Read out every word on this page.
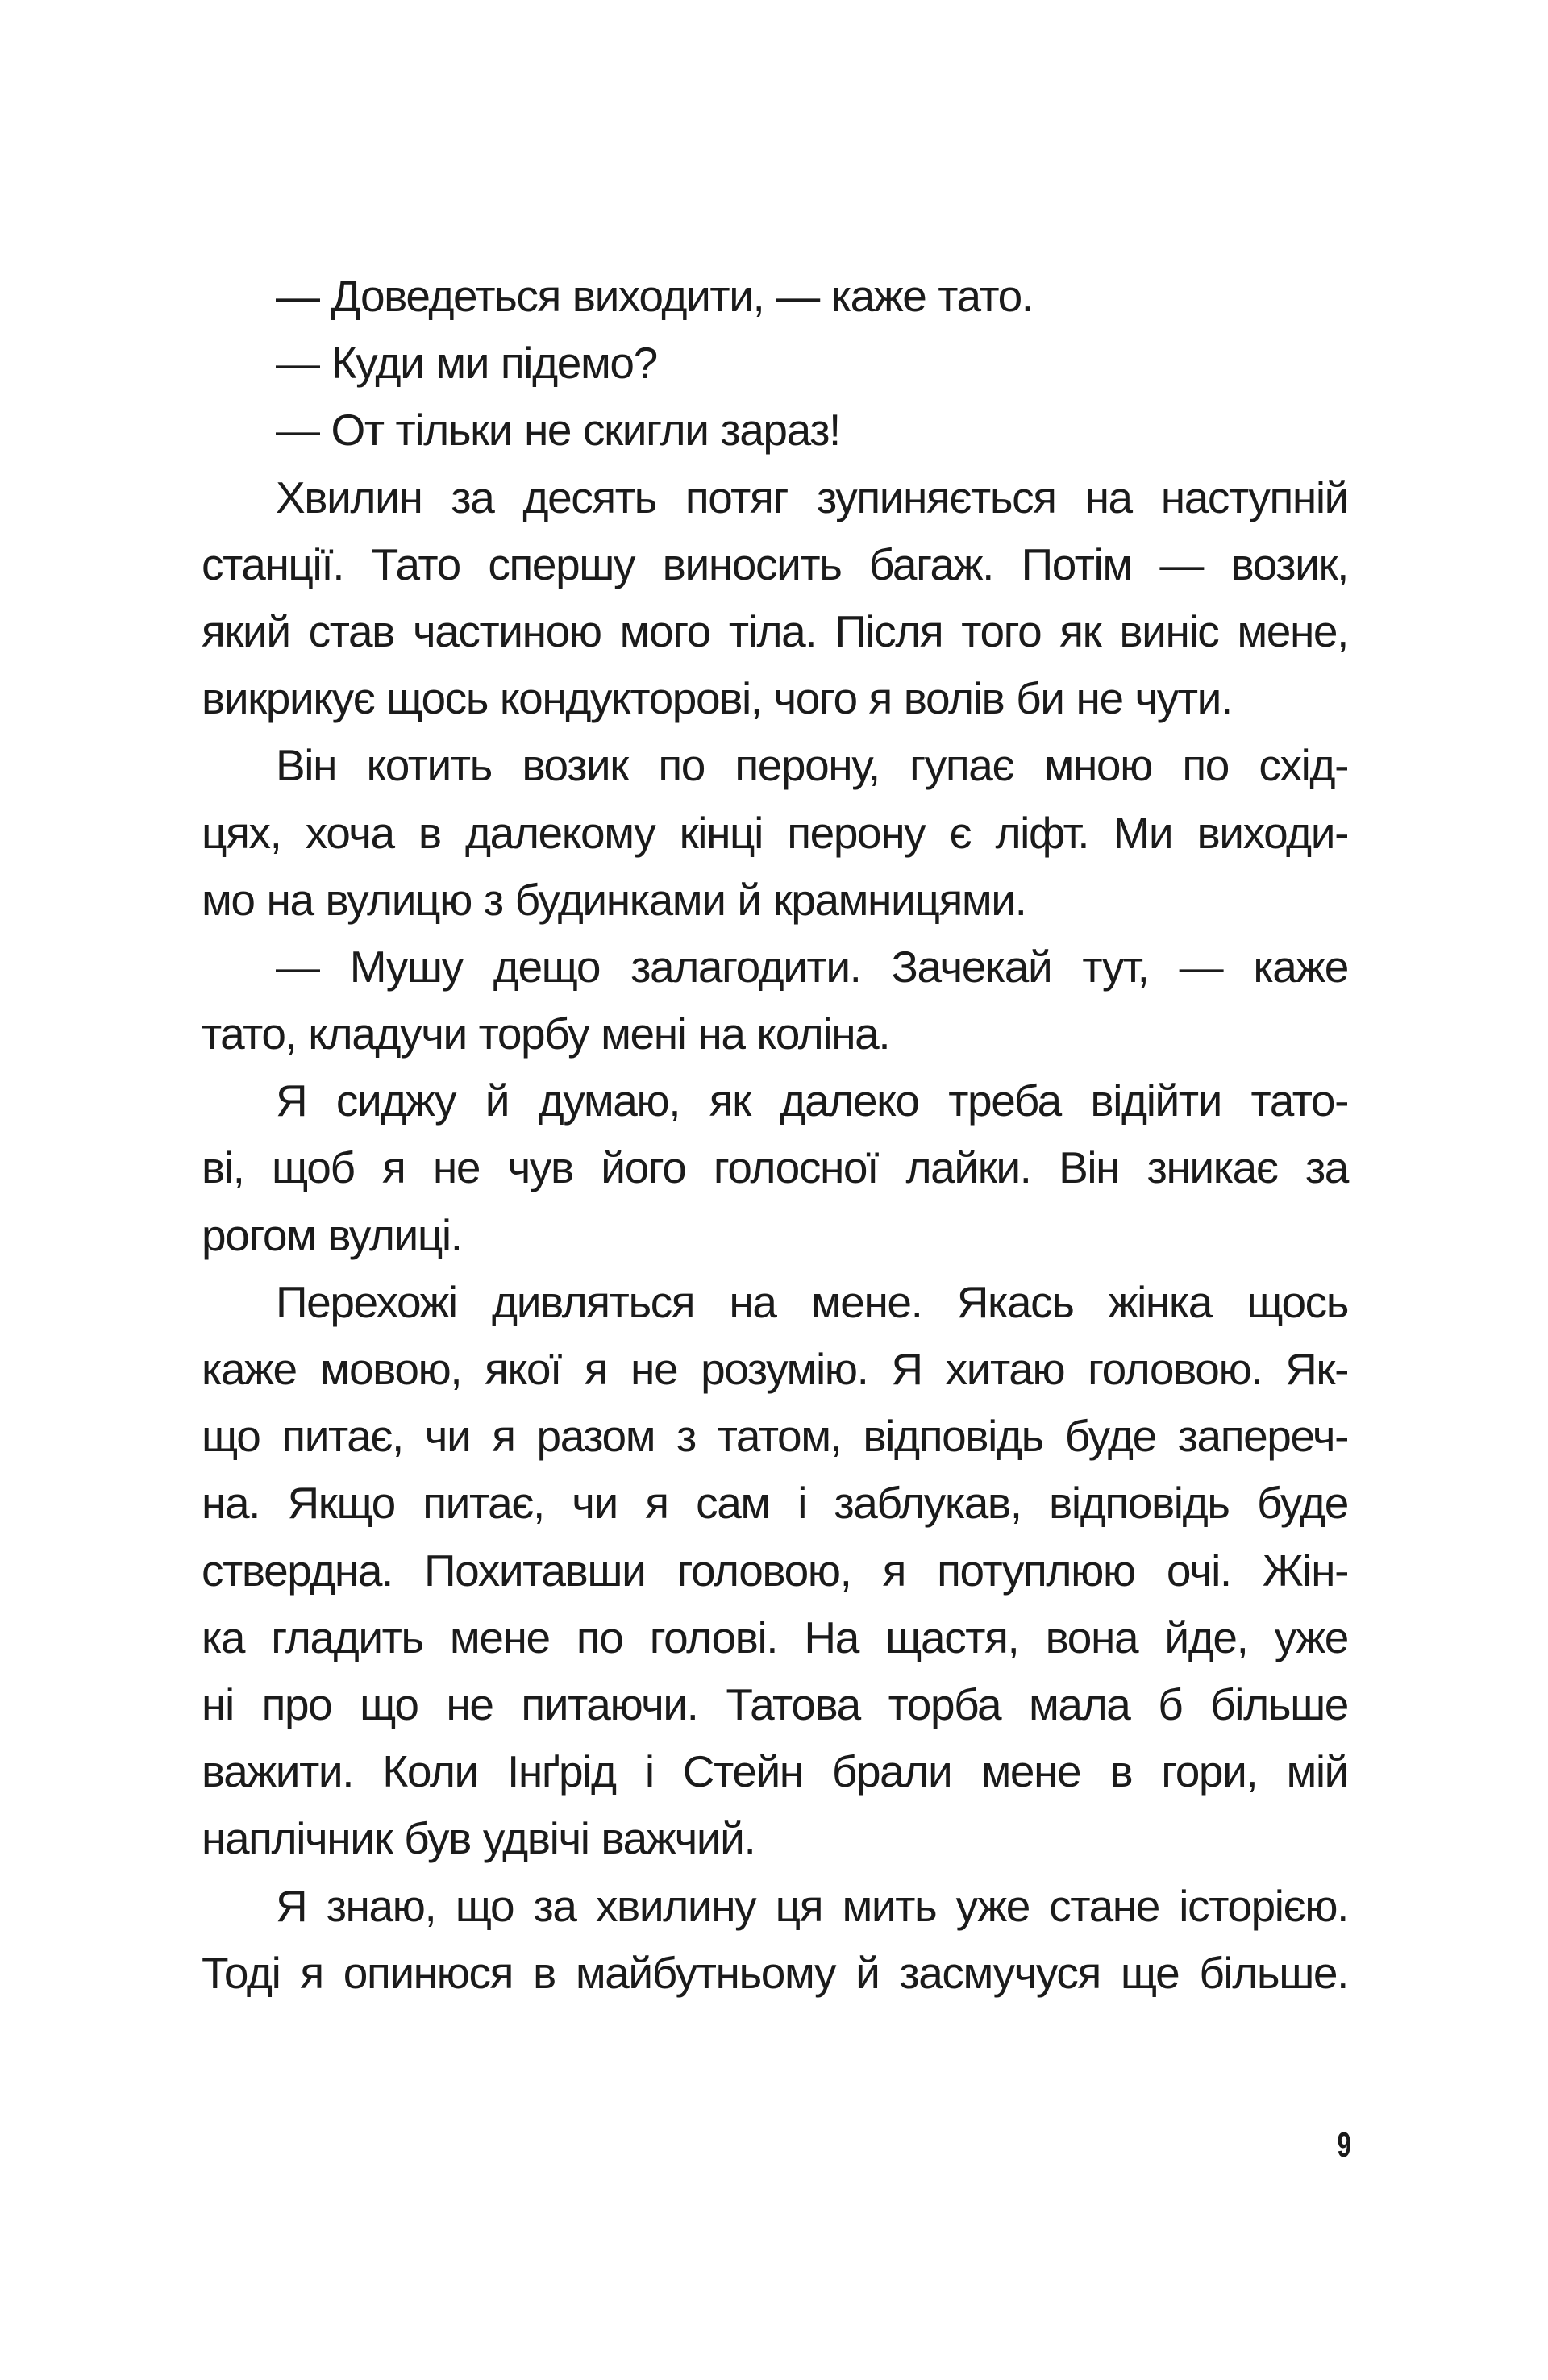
— Доведеться виходити, — каже тато.
— Куди ми підемо?
— От тільки не скигли зараз!
Хвилин за десять потяг зупиняється на наступній
станції. Тато спершу виносить багаж. Потім — возик,
який став частиною мого тіла. Після того як виніс мене,
викрикує щось кондукторові, чого я волів би не чути.
Він котить возик по перону, гупає мною по схід-
цях, хоча в далекому кінці перону є ліфт. Ми виходи-
мо на вулицю з будинками й крамницями.
— Мушу дещо залагодити. Зачекай тут, — каже
тато, кладучи торбу мені на коліна.
Я сиджу й думаю, як далеко треба відійти тато-
ві, щоб я не чув його голосної лайки. Він зникає за
рогом вулиці.
Перехожі дивляться на мене. Якась жінка щось
каже мовою, якої я не розумію. Я хитаю головою. Як-
що питає, чи я разом з татом, відповідь буде запереч-
на. Якщо питає, чи я сам і заблукав, відповідь буде
ствердна. Похитавши головою, я потуплюю очі. Жін-
ка гладить мене по голові. На щастя, вона йде, уже
ні про що не питаючи. Татова торба мала б більше
важити. Коли Інґрід і Стейн брали мене в гори, мій
наплічник був удвічі важчий.
Я знаю, що за хвилину ця мить уже стане історією.
Тоді я опинюся в майбутньому й засмучуся ще більше.
9
